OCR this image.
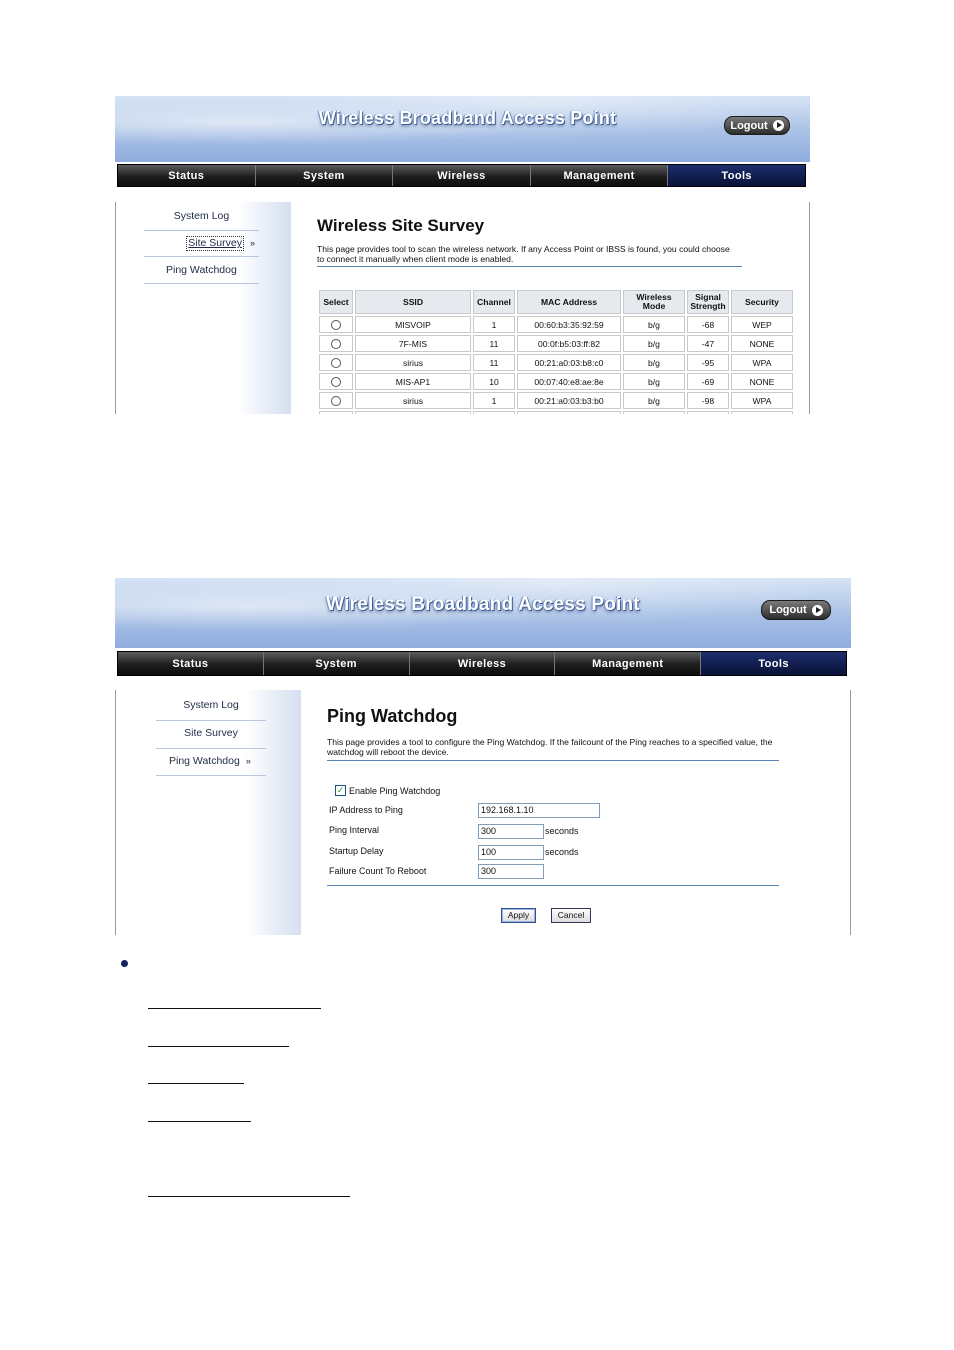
Wireless Broadband Access Point	Logout
Status	System	Wireless	Management	Tools
System Log
Site Survey »
Ping Watchdog
Wireless Site Survey
This page provides tool to scan the wireless network. If any Access Point or IBSS is found, you could choose to connect it manually when client mode is enabled.
Select	SSID	Channel	MAC Address	Wireless Mode	Signal Strength	Security
	MISVOIP	1	00:60:b3:35:92:59	b/g	-68	WEP
	7F-MIS	11	00:0f:b5:03:ff:82	b/g	-47	NONE
	sirius	11	00:21:a0:03:b8:c0	b/g	-95	WPA
	MIS-AP1	10	00:07:40:e8:ae:8e	b/g	-69	NONE
	sirius	1	00:21:a0:03:b3:b0	b/g	-98	WPA

Wireless Broadband Access Point	Logout
Status	System	Wireless	Management	Tools
System Log
Site Survey
Ping Watchdog »
Ping Watchdog
This page provides a tool to configure the Ping Watchdog. If the failcount of the Ping reaches to a specified value, the watchdog will reboot the device.
✓ Enable Ping Watchdog
IP Address to Ping	192.168.1.10
Ping Interval	300	seconds
Startup Delay	100	seconds
Failure Count To Reboot	300
Apply	Cancel
